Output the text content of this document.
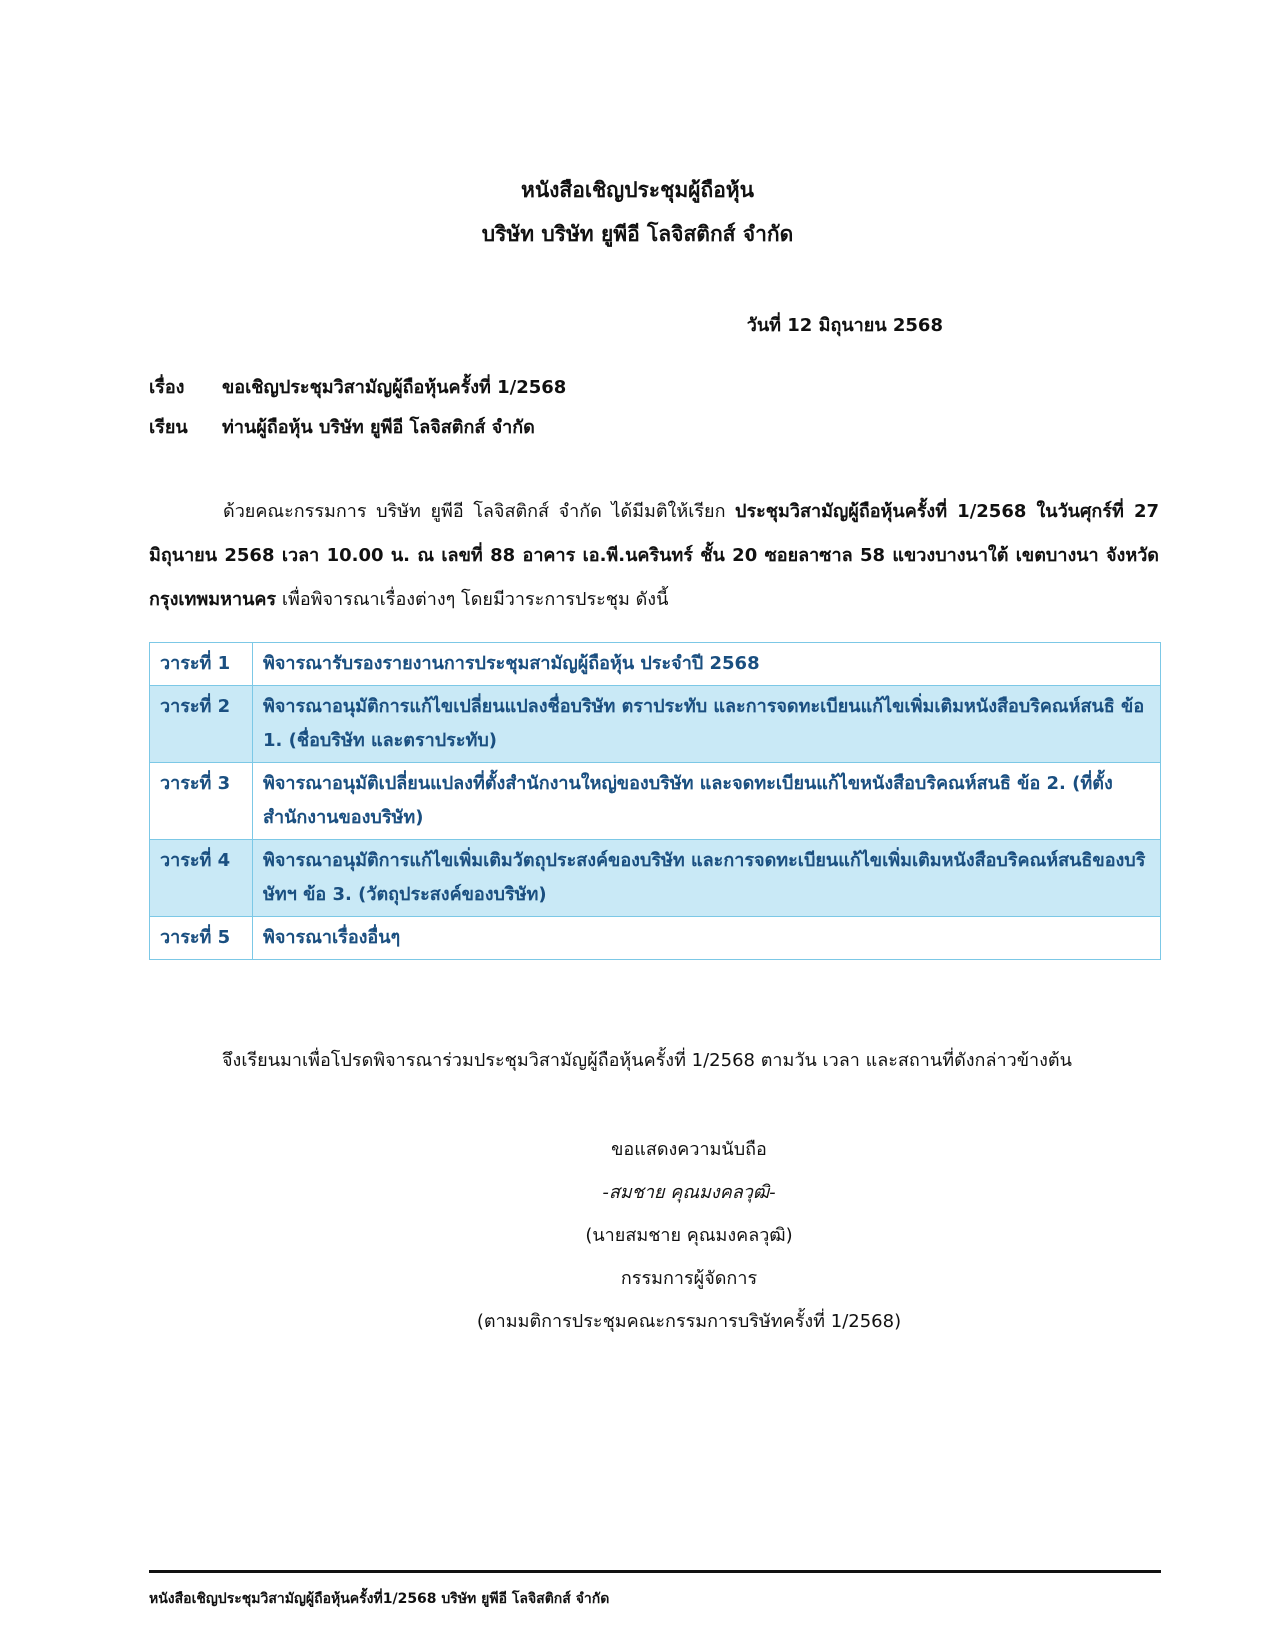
หนังสือเชิญประชุมผู้ถือหุ้น
บริษัท บริษัท ยูพีอี โลจิสติกส์ จำกัด
วันที่ 12 มิถุนายน 2568
เรื่อง	ขอเชิญประชุมวิสามัญผู้ถือหุ้นครั้งที่ 1/2568
เรียน	ท่านผู้ถือหุ้น บริษัท ยูพีอี โลจิสติกส์ จำกัด
ด้วยคณะกรรมการ บริษัท ยูพีอี โลจิสติกส์ จำกัด ได้มีมติให้เรียก ประชุมวิสามัญผู้ถือหุ้นครั้งที่ 1/2568 ในวันศุกร์ที่ 27 มิถุนายน 2568 เวลา 10.00 น. ณ เลขที่ 88 อาคาร เอ.พี.นครินทร์ ชั้น 20 ซอยลาซาล 58 แขวงบางนาใต้ เขตบางนา จังหวัดกรุงเทพมหานคร เพื่อพิจารณาเรื่องต่างๆ โดยมีวาระการประชุม ดังนี้
วาระที่ 1	พิจารณารับรองรายงานการประชุมสามัญผู้ถือหุ้น ประจำปี 2568
วาระที่ 2	พิจารณาอนุมัติการแก้ไขเปลี่ยนแปลงชื่อบริษัท ตราประทับ และการจดทะเบียนแก้ไขเพิ่มเติมหนังสือบริคณห์สนธิ ข้อ 1. (ชื่อบริษัท และตราประทับ)
วาระที่ 3	พิจารณาอนุมัติเปลี่ยนแปลงที่ตั้งสำนักงานใหญ่ของบริษัท และจดทะเบียนแก้ไขหนังสือบริคณห์สนธิ ข้อ 2. (ที่ตั้งสำนักงานของบริษัท)
วาระที่ 4	พิจารณาอนุมัติการแก้ไขเพิ่มเติมวัตถุประสงค์ของบริษัท และการจดทะเบียนแก้ไขเพิ่มเติมหนังสือบริคณห์สนธิของบริษัทฯ ข้อ 3. (วัตถุประสงค์ของบริษัท)
วาระที่ 5	พิจารณาเรื่องอื่นๆ
จึงเรียนมาเพื่อโปรดพิจารณาร่วมประชุมวิสามัญผู้ถือหุ้นครั้งที่ 1/2568 ตามวัน เวลา และสถานที่ดังกล่าวข้างต้น
ขอแสดงความนับถือ
-สมชาย คุณมงคลวุฒิ-
(นายสมชาย คุณมงคลวุฒิ)
กรรมการผู้จัดการ
(ตามมติการประชุมคณะกรรมการบริษัทครั้งที่ 1/2568)
หนังสือเชิญประชุมวิสามัญผู้ถือหุ้นครั้งที่1/2568 บริษัท ยูพีอี โลจิสติกส์ จำกัด
